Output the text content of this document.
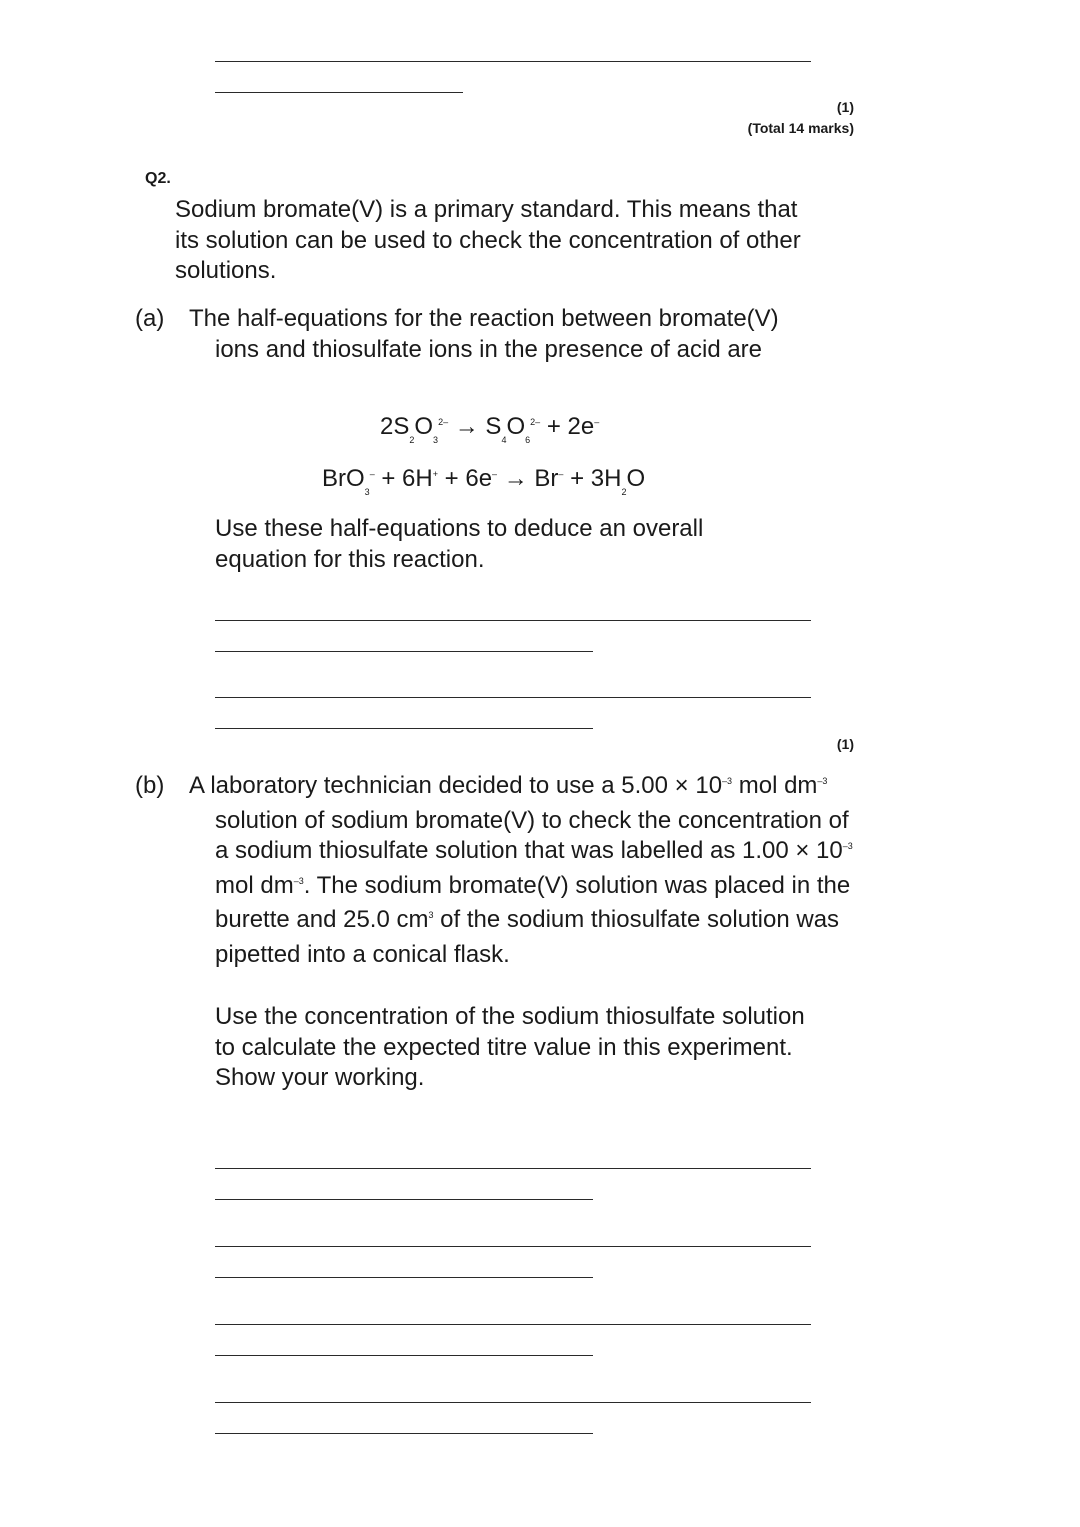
(1)
(Total 14 marks)
Q2.
Sodium bromate(V) is a primary standard. This means that its solution can be used to check the concentration of other solutions.
(a) The half-equations for the reaction between bromate(V) ions and thiosulfate ions in the presence of acid are
$2S_2O_3^{2-} \to S_4O_6^{2-} + 2e^-$
$BrO_3^- + 6H^+ + 6e^- \to Br^- + 3H_2O$
Use these half-equations to deduce an overall equation for this reaction.
(1)
(b) A laboratory technician decided to use a $5.00 \times 10^{-3}$ mol $dm^{-3}$ solution of sodium bromate(V) to check the concentration of a sodium thiosulfate solution that was labelled as $1.00 \times 10^{-3}$ mol $dm^{-3}$. The sodium bromate(V) solution was placed in the burette and 25.0 $cm^3$ of the sodium thiosulfate solution was pipetted into a conical flask.
Use the concentration of the sodium thiosulfate solution to calculate the expected titre value in this experiment.
Show your working.
